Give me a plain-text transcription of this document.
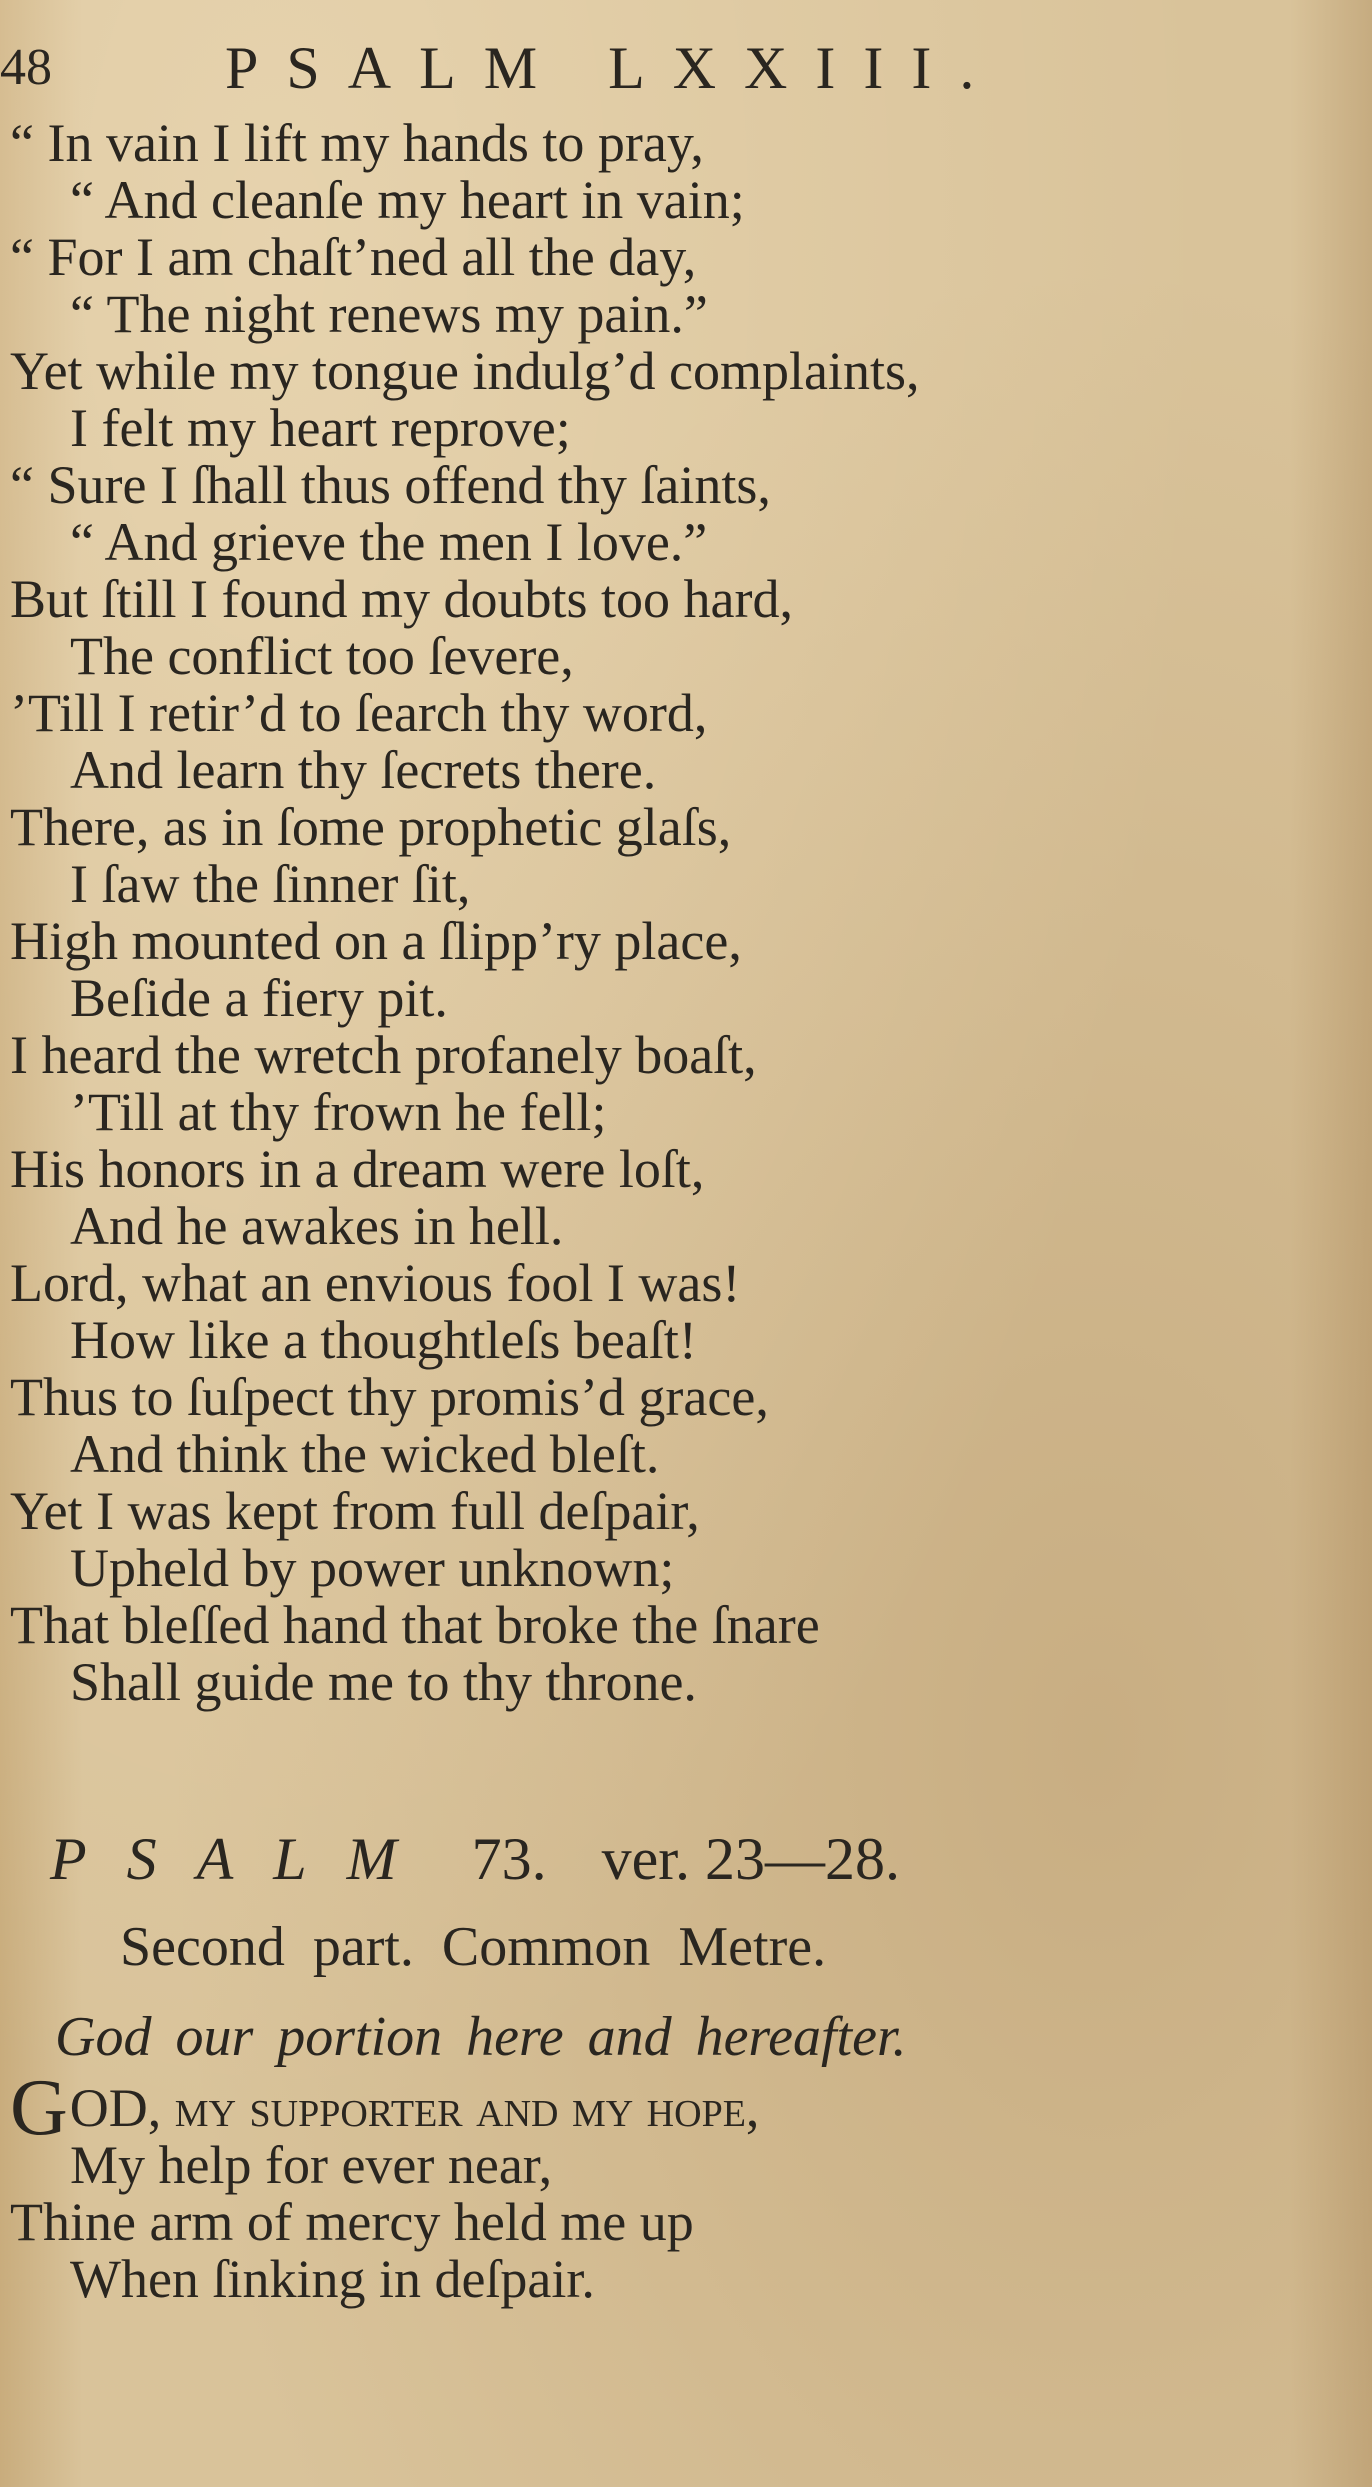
48	PSALM LXXIII.
“ In vain I lift my hands to pray,
“ And cleanſe my heart in vain;
“ For I am chaſt’ned all the day,
“ The night renews my pain.”
Yet while my tongue indulg’d complaints,
I felt my heart reprove;
“ Sure I ſhall thus offend thy ſaints,
“ And grieve the men I love.”
But ſtill I found my doubts too hard,
The conflict too ſevere,
’Till I retir’d to ſearch thy word,
And learn thy ſecrets there.
There, as in ſome prophetic glaſs,
I ſaw the ſinner ſit,
High mounted on a ſlipp’ry place,
Beſide a fiery pit.
I heard the wretch profanely boaſt,
’Till at thy frown he fell;
His honors in a dream were loſt,
And he awakes in hell.
Lord, what an envious fool I was!
How like a thoughtleſs beaſt!
Thus to ſuſpect thy promis’d grace,
And think the wicked bleſt.
Yet I was kept from full deſpair,
Upheld by power unknown;
That bleſſed hand that broke the ſnare
Shall guide me to thy throne.
PSALM 73. ver. 23—28.
Second part. Common Metre.
God our portion here and hereafter.
GOD, my ſupporter and my hope,
My help for ever near,
Thine arm of mercy held me up
When ſinking in deſpair.
